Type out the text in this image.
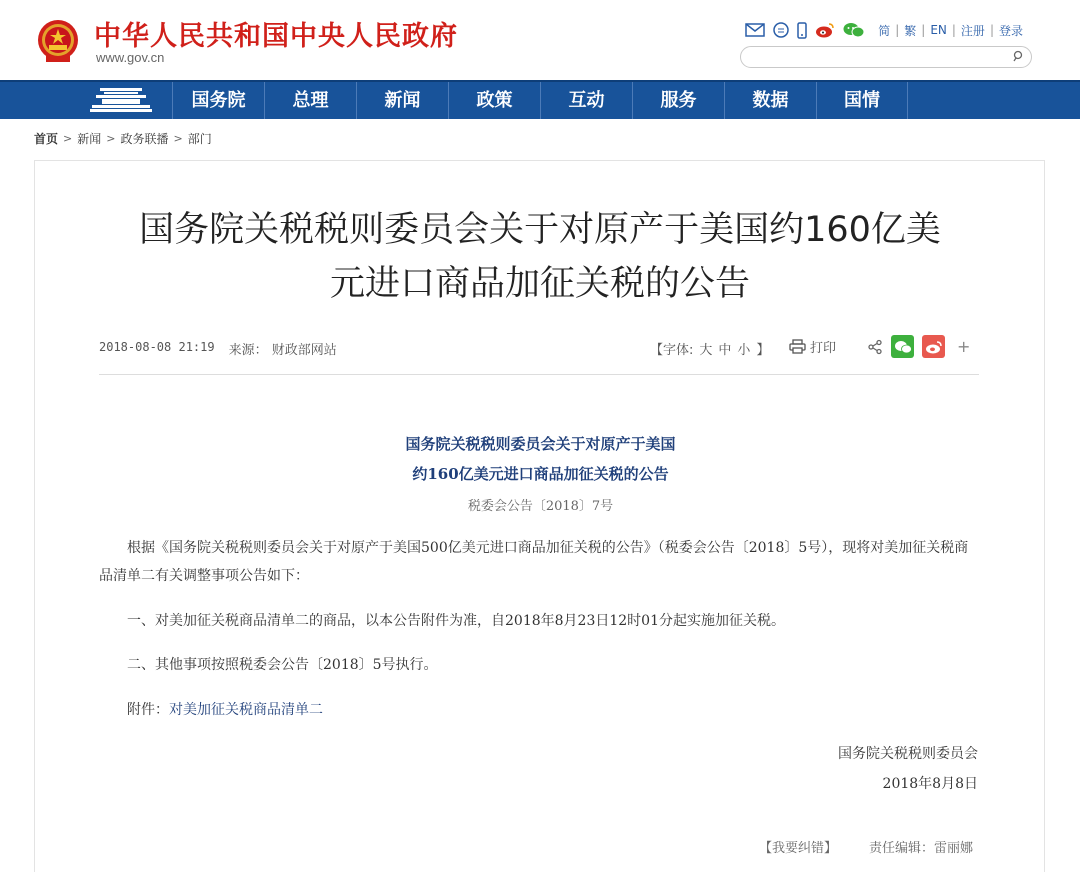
中华人民共和国中央人民政府
www.gov.cn
简 | 繁 | EN | 注册 | 登录
国务院	总理	新闻	政策	互动	服务	数据	国情
首页 > 新闻 > 政务联播 > 部门
国务院关税税则委员会关于对原产于美国约160亿美
元进口商品加征关税的公告
2018-08-08 21:19 来源： 财政部网站	【字体: 大 中 小 】	打印	+
国务院关税税则委员会关于对原产于美国
约160亿美元进口商品加征关税的公告
税委会公告〔2018〕7号
根据《国务院关税税则委员会关于对原产于美国500亿美元进口商品加征关税的公告》（税委会公告〔2018〕5号），现将对美加征关税商品清单二有关调整事项公告如下：
一、对美加征关税商品清单二的商品，以本公告附件为准，自2018年8月23日12时01分起实施加征关税。
二、其他事项按照税委会公告〔2018〕5号执行。
附件：对美加征关税商品清单二
国务院关税税则委员会
2018年8月8日
【我要纠错】 责任编辑：雷丽娜
